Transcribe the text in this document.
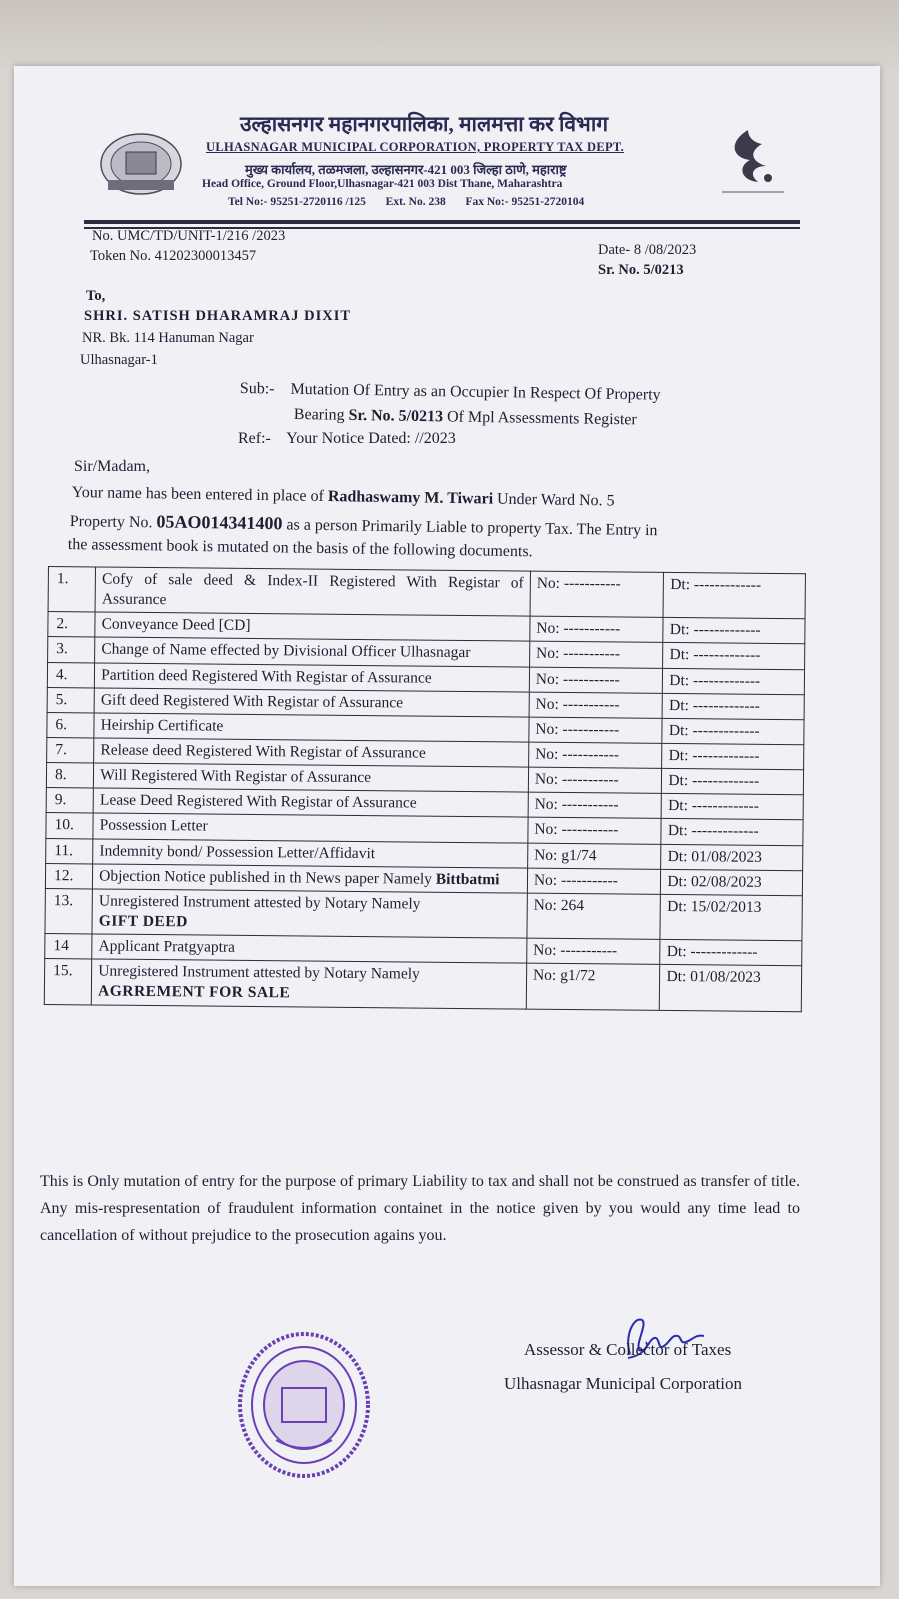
उल्हासनगर महानगरपालिका, मालमत्ता कर विभाग
ULHASNAGAR MUNICIPAL CORPORATION, PROPERTY TAX DEPT.
मुख्य कार्यालय, तळमजला, उल्हासनगर-421 003 जिल्हा ठाणे, महाराष्ट्र
Head Office, Ground Floor,Ulhasnagar-421 003 Dist Thane, Maharashtra
Tel No:- 95251-2720116 /125 Ext. No. 238 Fax No:- 95251-2720104
No. UMC/TD/UNIT-1/216 /2023
Token No. 41202300013457	Date- 8 /08/2023
Sr. No. 5/0213
To,
SHRI. SATISH DHARAMRAJ DIXIT
NR. Bk. 114 Hanuman Nagar
Ulhasnagar-1
Sub:- Mutation Of Entry as an Occupier In Respect Of Property
Bearing Sr. No. 5/0213 Of Mpl Assessments Register
Ref:- Your Notice Dated: //2023
Sir/Madam,
Your name has been entered in place of Radhaswamy M. Tiwari Under Ward No. 5
Property No. 05AO014341400 as a person Primarily Liable to property Tax. The Entry in
the assessment book is mutated on the basis of the following documents.
1.	Cofy of sale deed & Index-II Registered With Registar of Assurance	No: -----------	Dt: -------------
2.	Conveyance Deed [CD]	No: -----------	Dt: -------------
3.	Change of Name effected by Divisional Officer Ulhasnagar	No: -----------	Dt: -------------
4.	Partition deed Registered With Registar of Assurance	No: -----------	Dt: -------------
5.	Gift deed Registered With Registar of Assurance	No: -----------	Dt: -------------
6.	Heirship Certificate	No: -----------	Dt: -------------
7.	Release deed Registered With Registar of Assurance	No: -----------	Dt: -------------
8.	Will Registered With Registar of Assurance	No: -----------	Dt: -------------
9.	Lease Deed Registered With Registar of Assurance	No: -----------	Dt: -------------
10.	Possession Letter	No: -----------	Dt: -------------
11.	Indemnity bond/ Possession Letter/Affidavit	No: g1/74	Dt: 01/08/2023
12.	Objection Notice published in th News paper Namely Bittbatmi	No: -----------	Dt: 02/08/2023
13.	Unregistered Instrument attested by Notary Namely
GIFT DEED	No: 264	Dt: 15/02/2013
14	Applicant Pratgyaptra	No: -----------	Dt: -------------
15.	Unregistered Instrument attested by Notary Namely
AGRREMENT FOR SALE	No: g1/72	Dt: 01/08/2023
This is Only mutation of entry for the purpose of primary Liability to tax and shall not be construed as transfer of title. Any mis-respresentation of fraudulent information containet in the notice given by you would any time lead to cancellation of without prejudice to the prosecution agains you.
Assessor & Collector of Taxes
Ulhasnagar Municipal Corporation
